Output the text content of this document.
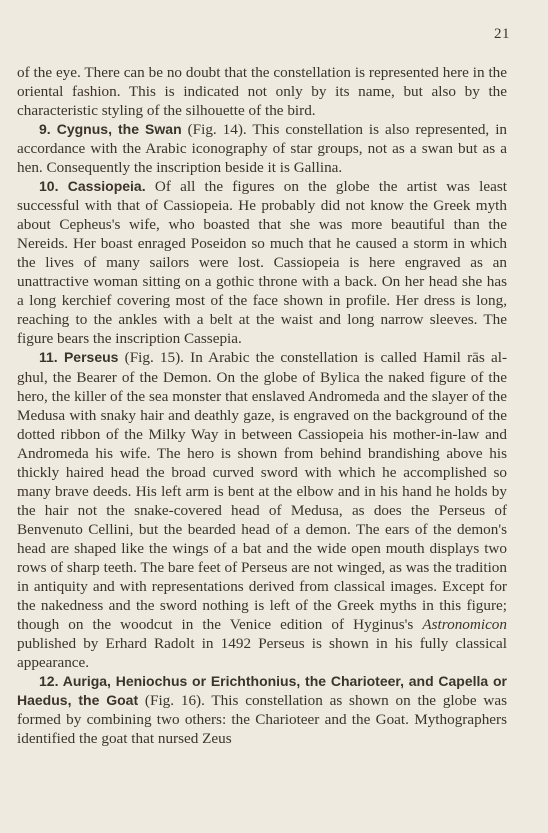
21

of the eye. There can be no doubt that the constellation is represented here in the oriental fashion. This is indicated not only by its name, but also by the characteristic styling of the silhouette of the bird.

9. Cygnus, the Swan (Fig. 14). This constellation is also represented, in accordance with the Arabic iconography of star groups, not as a swan but as a hen. Consequently the inscription beside it is Gallina.

10. Cassiopeia. Of all the figures on the globe the artist was least successful with that of Cassiopeia. He probably did not know the Greek myth about Cepheus's wife, who boasted that she was more beautiful than the Nereids. Her boast enraged Poseidon so much that he caused a storm in which the lives of many sailors were lost. Cassiopeia is here engraved as an unattractive woman sitting on a gothic throne with a back. On her head she has a long kerchief covering most of the face shown in profile. Her dress is long, reaching to the ankles with a belt at the waist and long narrow sleeves. The figure bears the inscription Cassepia.

11. Perseus (Fig. 15). In Arabic the constellation is called Hamil rās al-ghul, the Bearer of the Demon. On the globe of Bylica the naked figure of the hero, the killer of the sea monster that enslaved Andromeda and the slayer of the Medusa with snaky hair and deathly gaze, is engraved on the background of the dotted ribbon of the Milky Way in between Cassiopeia his mother-in-law and Andromeda his wife. The hero is shown from behind brandishing above his thickly haired head the broad curved sword with which he accomplished so many brave deeds. His left arm is bent at the elbow and in his hand he holds by the hair not the snake-covered head of Medusa, as does the Perseus of Benvenuto Cellini, but the bearded head of a demon. The ears of the demon's head are shaped like the wings of a bat and the wide open mouth displays two rows of sharp teeth. The bare feet of Perseus are not winged, as was the tradition in antiquity and with representations derived from classical images. Except for the nakedness and the sword nothing is left of the Greek myths in this figure; though on the woodcut in the Venice edition of Hyginus's Astronomicon published by Erhard Radolt in 1492 Perseus is shown in his fully classical appearance.

12. Auriga, Heniochus or Erichthonius, the Charioteer, and Capella or Haedus, the Goat (Fig. 16). This constellation as shown on the globe was formed by combining two others: the Charioteer and the Goat. Mythographers identified the goat that nursed Zeus
